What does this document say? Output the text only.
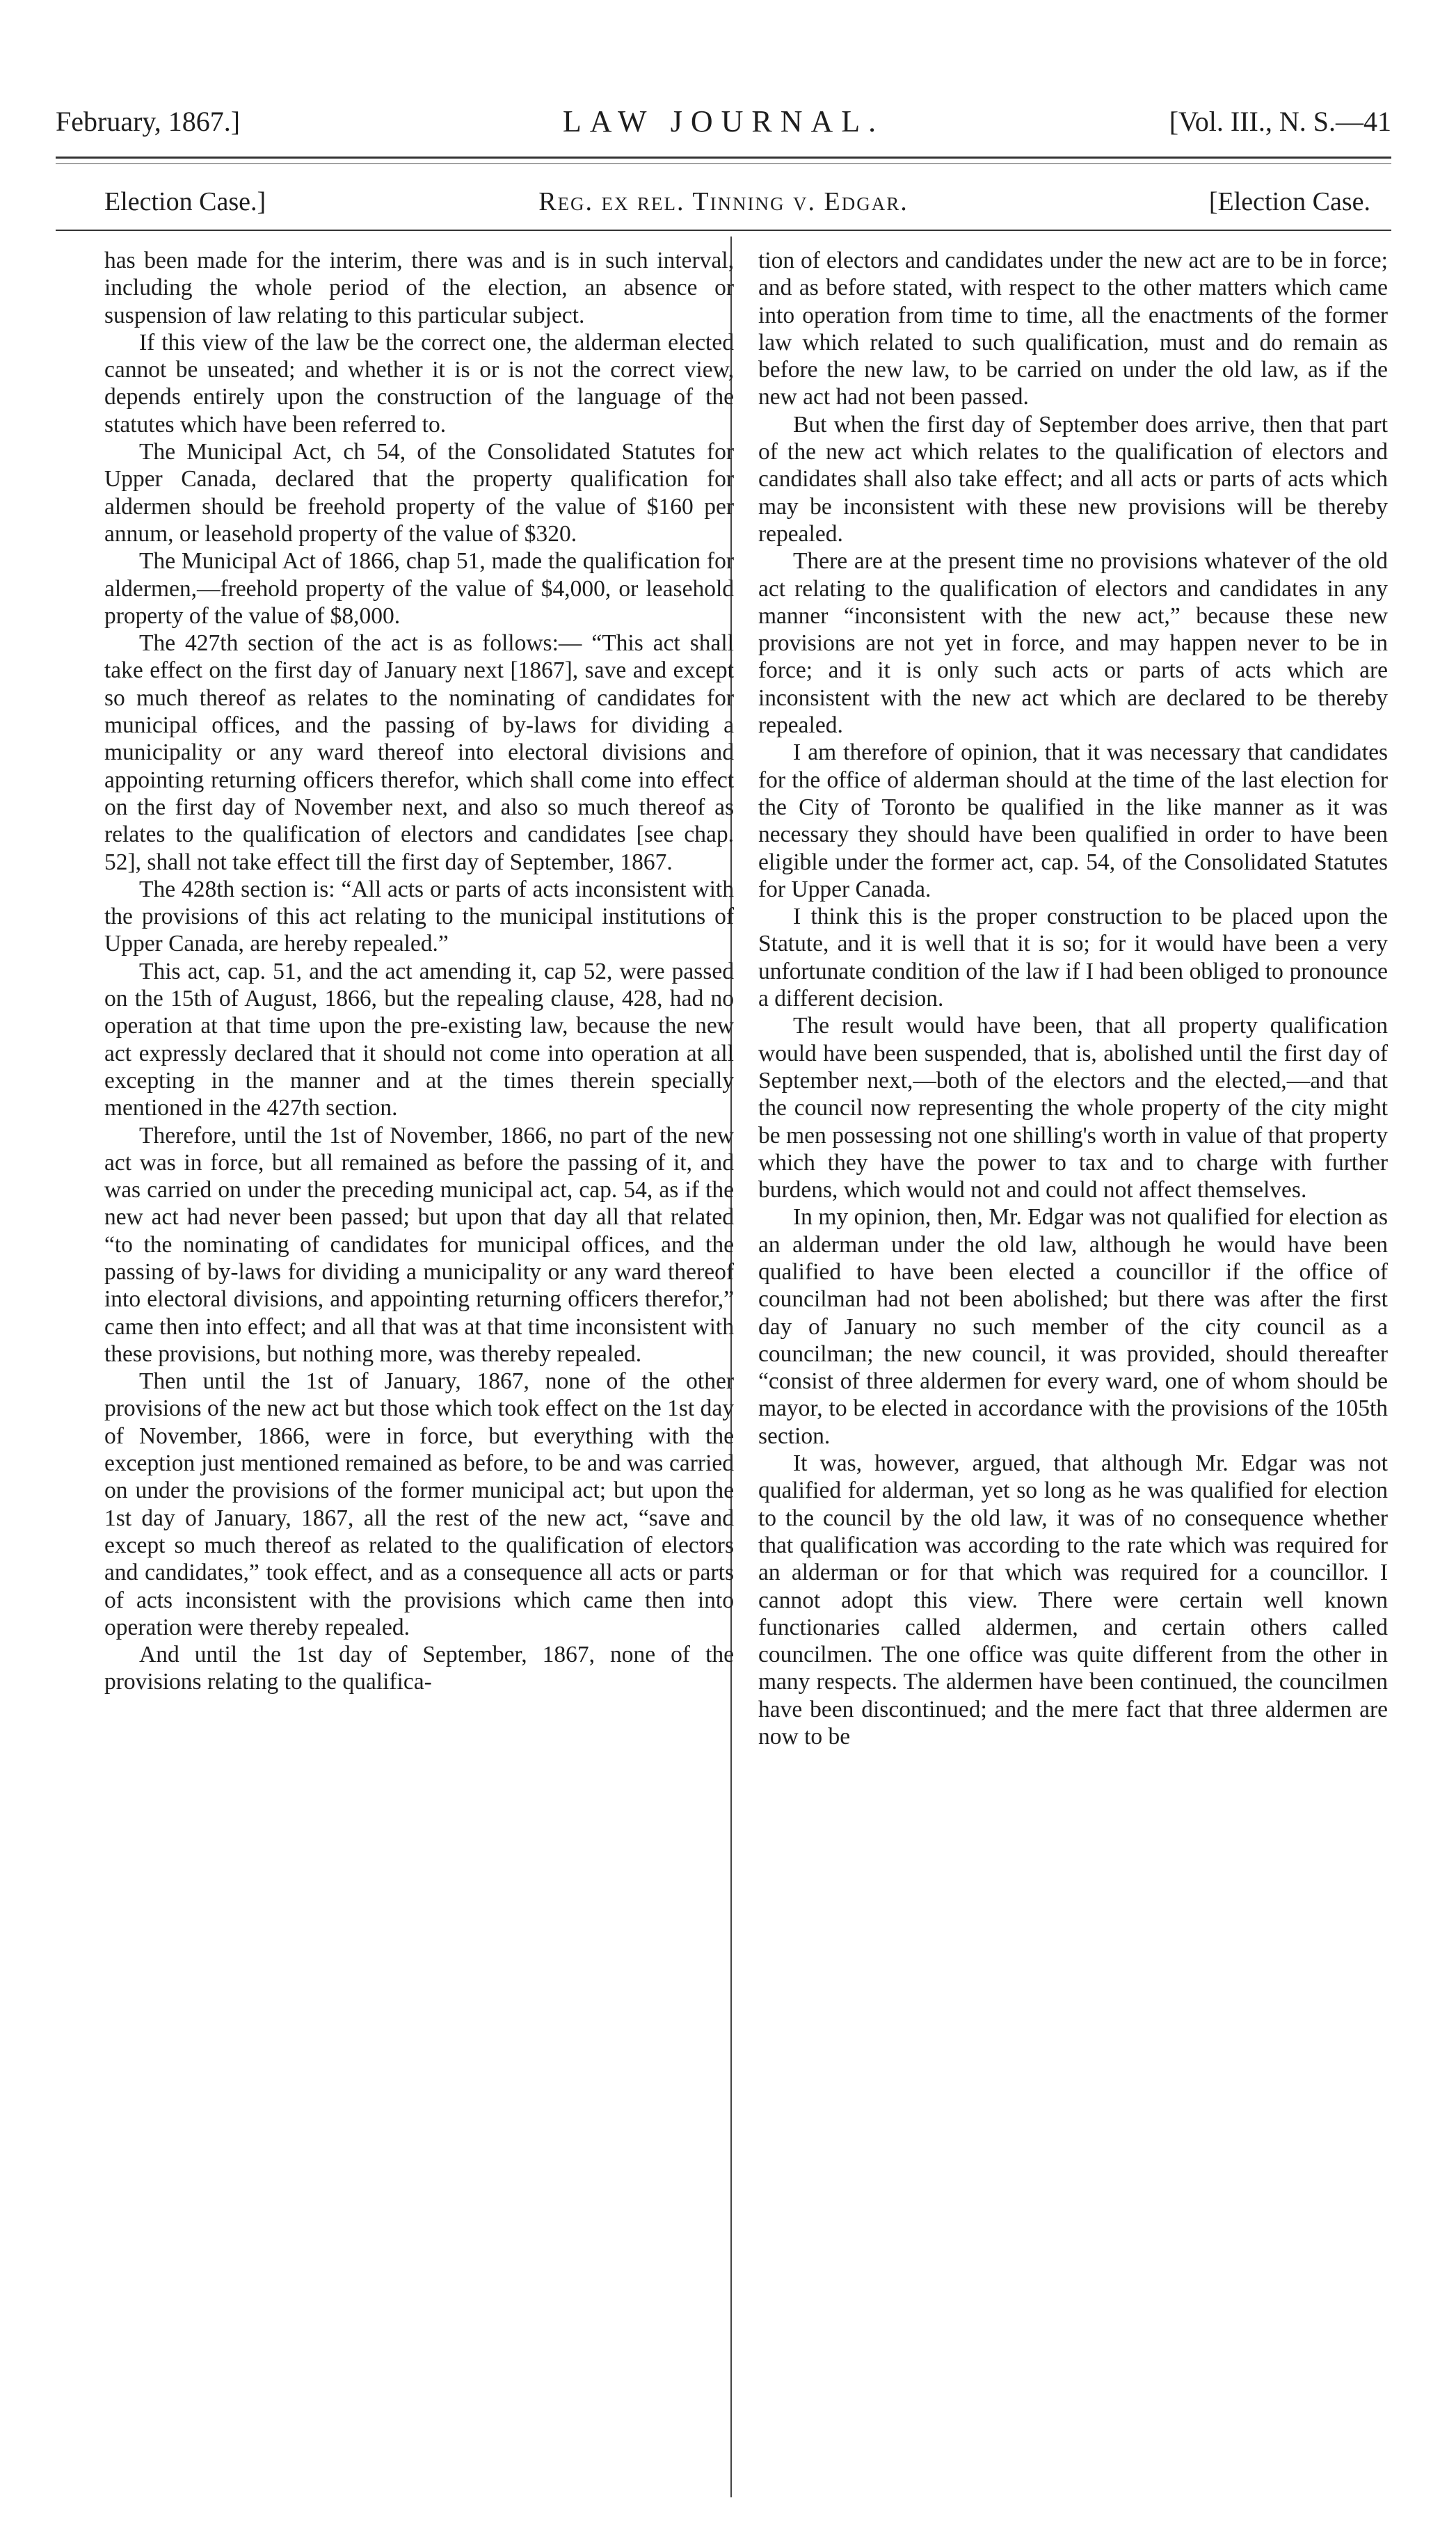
February, 1867.]	LAW JOURNAL.	[Vol. III., N. S.—41
Election Case.]	Reg. ex rel. Tinning v. Edgar.	[Election Case.

has been made for the interim, there was and is in such interval, including the whole period of the election, an absence or suspension of law relating to this particular subject.

If this view of the law be the correct one, the alderman elected cannot be unseated; and whether it is or is not the correct view, depends entirely upon the construction of the language of the statutes which have been referred to.

The Municipal Act, ch 54, of the Consolidated Statutes for Upper Canada, declared that the property qualification for aldermen should be freehold property of the value of $160 per annum, or leasehold property of the value of $320.

The Municipal Act of 1866, chap 51, made the qualification for aldermen,—freehold property of the value of $4,000, or leasehold property of the value of $8,000.

The 427th section of the act is as follows:— “This act shall take effect on the first day of January next [1867], save and except so much thereof as relates to the nominating of candidates for municipal offices, and the passing of by-laws for dividing a municipality or any ward thereof into electoral divisions and appointing returning officers therefor, which shall come into effect on the first day of November next, and also so much thereof as relates to the qualification of electors and candidates [see chap. 52], shall not take effect till the first day of September, 1867.

The 428th section is: “All acts or parts of acts inconsistent with the provisions of this act relating to the municipal institutions of Upper Canada, are hereby repealed.”

This act, cap. 51, and the act amending it, cap 52, were passed on the 15th of August, 1866, but the repealing clause, 428, had no operation at that time upon the pre-existing law, because the new act expressly declared that it should not come into operation at all excepting in the manner and at the times therein specially mentioned in the 427th section.

Therefore, until the 1st of November, 1866, no part of the new act was in force, but all remained as before the passing of it, and was carried on under the preceding municipal act, cap. 54, as if the new act had never been passed; but upon that day all that related “to the nominating of candidates for municipal offices, and the passing of by-laws for dividing a municipality or any ward thereof into electoral divisions, and appointing returning officers therefor,” came then into effect; and all that was at that time inconsistent with these provisions, but nothing more, was thereby repealed.

Then until the 1st of January, 1867, none of the other provisions of the new act but those which took effect on the 1st day of November, 1866, were in force, but everything with the exception just mentioned remained as before, to be and was carried on under the provisions of the former municipal act; but upon the 1st day of January, 1867, all the rest of the new act, “save and except so much thereof as related to the qualification of electors and candidates,” took effect, and as a consequence all acts or parts of acts inconsistent with the provisions which came then into operation were thereby repealed.

And until the 1st day of September, 1867, none of the provisions relating to the qualifica-

tion of electors and candidates under the new act are to be in force; and as before stated, with respect to the other matters which came into operation from time to time, all the enactments of the former law which related to such qualification, must and do remain as before the new law, to be carried on under the old law, as if the new act had not been passed.

But when the first day of September does arrive, then that part of the new act which relates to the qualification of electors and candidates shall also take effect; and all acts or parts of acts which may be inconsistent with these new provisions will be thereby repealed.

There are at the present time no provisions whatever of the old act relating to the qualification of electors and candidates in any manner “inconsistent with the new act,” because these new provisions are not yet in force, and may happen never to be in force; and it is only such acts or parts of acts which are inconsistent with the new act which are declared to be thereby repealed.

I am therefore of opinion, that it was necessary that candidates for the office of alderman should at the time of the last election for the City of Toronto be qualified in the like manner as it was necessary they should have been qualified in order to have been eligible under the former act, cap. 54, of the Consolidated Statutes for Upper Canada.

I think this is the proper construction to be placed upon the Statute, and it is well that it is so; for it would have been a very unfortunate condition of the law if I had been obliged to pronounce a different decision.

The result would have been, that all property qualification would have been suspended, that is, abolished until the first day of September next,—both of the electors and the elected,—and that the council now representing the whole property of the city might be men possessing not one shilling's worth in value of that property which they have the power to tax and to charge with further burdens, which would not and could not affect themselves.

In my opinion, then, Mr. Edgar was not qualified for election as an alderman under the old law, although he would have been qualified to have been elected a councillor if the office of councilman had not been abolished; but there was after the first day of January no such member of the city council as a councilman; the new council, it was provided, should thereafter “consist of three aldermen for every ward, one of whom should be mayor, to be elected in accordance with the provisions of the 105th section.

It was, however, argued, that although Mr. Edgar was not qualified for alderman, yet so long as he was qualified for election to the council by the old law, it was of no consequence whether that qualification was according to the rate which was required for an alderman or for that which was required for a councillor. I cannot adopt this view. There were certain well known functionaries called aldermen, and certain others called councilmen. The one office was quite different from the other in many respects. The aldermen have been continued, the councilmen have been discontinued; and the mere fact that three aldermen are now to be
